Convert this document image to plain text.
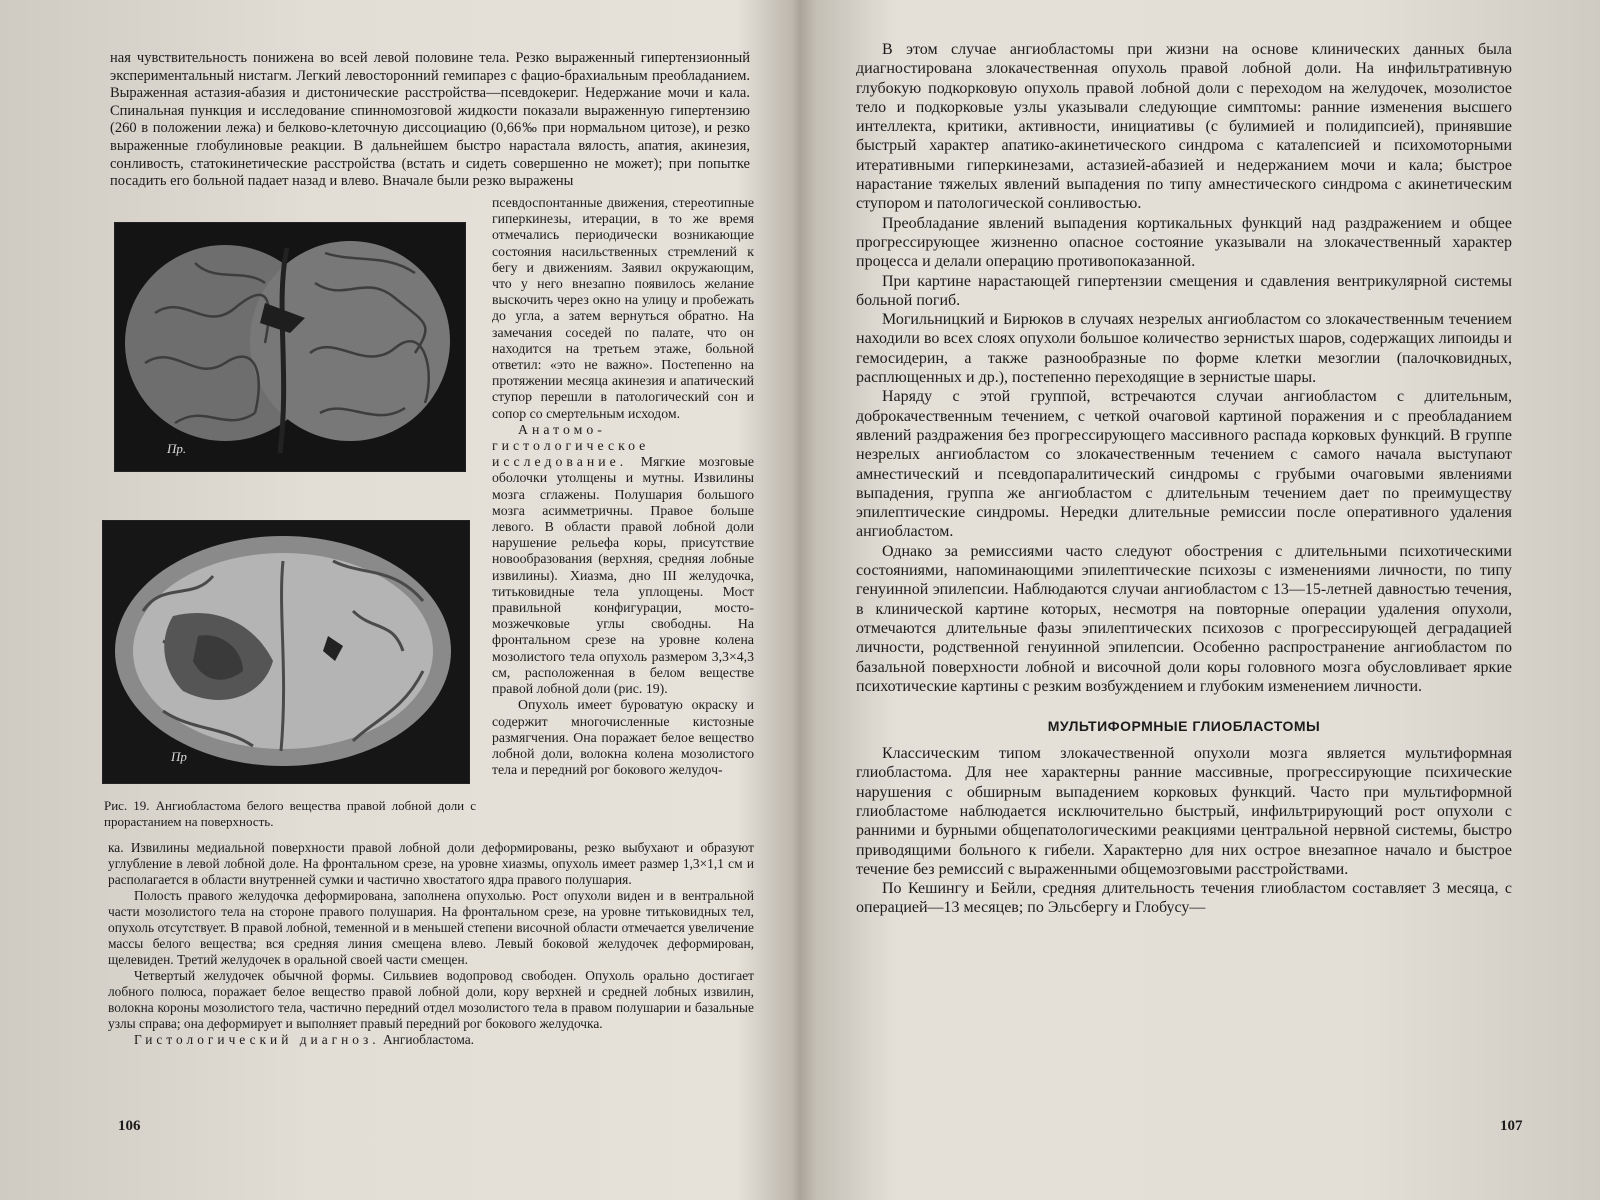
ная чувствительность понижена во всей левой половине тела. Резко выраженный гипертензионный экспериментальный нистагм. Легкий левосторонний гемипарез с фацио-брахиальным преобладанием. Выраженная астазия-абазия и дистонические расстройства—псевдокериг. Недержание мочи и кала. Спинальная пункция и исследование спинномозговой жидкости показали выраженную гипертензию (260 в положении лежа) и белково-клеточную диссоциацию (0,66‰ при нормальном цитозе), и резко выраженные глобулиновые реакции. В дальнейшем быстро нарастала вялость, апатия, акинезия, сонливость, статокинетические расстройства (встать и сидеть совершенно не может); при попытке посадить его больной падает назад и влево. Вначале были резко выражены

Пр.

псевдоспонтанные движения, стереотипные гиперкинезы, итерации, в то же время отмечались периодически возникающие состояния насильственных стремлений к бегу и движениям. Заявил окружающим, что у него внезапно появилось желание выскочить через окно на улицу и пробежать до угла, а затем вернуться обратно. На замечания соседей по палате, что он находится на третьем этаже, больной ответил: «это не важно». Постепенно на протяжении месяца акинезия и апатический ступор перешли в патологический сон и сопор со смертельным исходом.

Анатомо-гистологическое исследование. Мягкие мозговые оболочки утолщены и мутны. Извилины мозга сглажены. Полушария большого мозга асимметричны. Правое больше левого. В области правой лобной доли нарушение рельефа коры, присутствие новообразования (верхняя, средняя лобные извилины). Хиазма, дно III желудочка, титьковидные тела уплощены. Мост правильной конфигурации, мосто-мозжечковые углы свободны. На фронтальном срезе на уровне колена мозолистого тела опухоль размером 3,3×4,3 см, расположенная в белом веществе правой лобной доли (рис. 19).

Опухоль имеет буроватую окраску и содержит многочисленные кистозные размягчения. Она поражает белое вещество лобной доли, волокна колена мозолистого тела и передний рог бокового желудоч-

Пр

Рис. 19. Ангиобластома белого вещества правой лобной доли с прорастанием на поверхность.

ка. Извилины медиальной поверхности правой лобной доли деформированы, резко выбухают и образуют углубление в левой лобной доле. На фронтальном срезе, на уровне хиазмы, опухоль имеет размер 1,3×1,1 см и располагается в области внутренней сумки и частично хвостатого ядра правого полушария.

Полость правого желудочка деформирована, заполнена опухолью. Рост опухоли виден и в вентральной части мозолистого тела на стороне правого полушария. На фронтальном срезе, на уровне титьковидных тел, опухоль отсутствует. В правой лобной, теменной и в меньшей степени височной области отмечается увеличение массы белого вещества; вся средняя линия смещена влево. Левый боковой желудочек деформирован, щелевиден. Третий желудочек в оральной своей части смещен.

Четвертый желудочек обычной формы. Сильвиев водопровод свободен. Опухоль орально достигает лобного полюса, поражает белое вещество правой лобной доли, кору верхней и средней лобных извилин, волокна короны мозолистого тела, частично передний отдел мозолистого тела в правом полушарии и базальные узлы справа; она деформирует и выполняет правый передний рог бокового желудочка.

Гистологический диагноз. Ангиобластома.

106

В этом случае ангиобластомы при жизни на основе клинических данных была диагностирована злокачественная опухоль правой лобной доли. На инфильтративную глубокую подкорковую опухоль правой лобной доли с переходом на желудочек, мозолистое тело и подкорковые узлы указывали следующие симптомы: ранние изменения высшего интеллекта, критики, активности, инициативы (с булимией и полидипсией), принявшие быстрый характер апатико-акинетического синдрома с каталепсией и психомоторными итеративными гиперкинезами, астазией-абазией и недержанием мочи и кала; быстрое нарастание тяжелых явлений выпадения по типу амнестического синдрома с акинетическим ступором и патологической сонливостью.

Преобладание явлений выпадения кортикальных функций над раздражением и общее прогрессирующее жизненно опасное состояние указывали на злокачественный характер процесса и делали операцию противопоказанной.

При картине нарастающей гипертензии смещения и сдавления вентрикулярной системы больной погиб.

Могильницкий и Бирюков в случаях незрелых ангиобластом со злокачественным течением находили во всех слоях опухоли большое количество зернистых шаров, содержащих липоиды и гемосидерин, а также разнообразные по форме клетки мезоглии (палочковидных, расплющенных и др.), постепенно переходящие в зернистые шары.

Наряду с этой группой, встречаются случаи ангиобластом с длительным, доброкачественным течением, с четкой очаговой картиной поражения и с преобладанием явлений раздражения без прогрессирующего массивного распада корковых функций. В группе незрелых ангиобластом со злокачественным течением с самого начала выступают амнестический и псевдопаралитический синдромы с грубыми очаговыми явлениями выпадения, группа же ангиобластом с длительным течением дает по преимуществу эпилептические синдромы. Нередки длительные ремиссии после оперативного удаления ангиобластом.

Однако за ремиссиями часто следуют обострения с длительными психотическими состояниями, напоминающими эпилептические психозы с изменениями личности, по типу генуинной эпилепсии. Наблюдаются случаи ангиобластом с 13—15-летней давностью течения, в клинической картине которых, несмотря на повторные операции удаления опухоли, отмечаются длительные фазы эпилептических психозов с прогрессирующей деградацией личности, родственной генуинной эпилепсии. Особенно распространение ангиобластом по базальной поверхности лобной и височной доли коры головного мозга обусловливает яркие психотические картины с резким возбуждением и глубоким изменением личности.

МУЛЬТИФОРМНЫЕ ГЛИОБЛАСТОМЫ

Классическим типом злокачественной опухоли мозга является мультиформная глиобластома. Для нее характерны ранние массивные, прогрессирующие психические нарушения с обширным выпадением корковых функций. Часто при мультиформной глиобластоме наблюдается исключительно быстрый, инфильтрирующий рост опухоли с ранними и бурными общепатологическими реакциями центральной нервной системы, быстро приводящими больного к гибели. Характерно для них острое внезапное начало и быстрое течение без ремиссий с выраженными общемозговыми расстройствами.

По Кешингу и Бейли, средняя длительность течения глиобластом составляет 3 месяца, с операцией—13 месяцев; по Эльсбергу и Глобусу—

107
